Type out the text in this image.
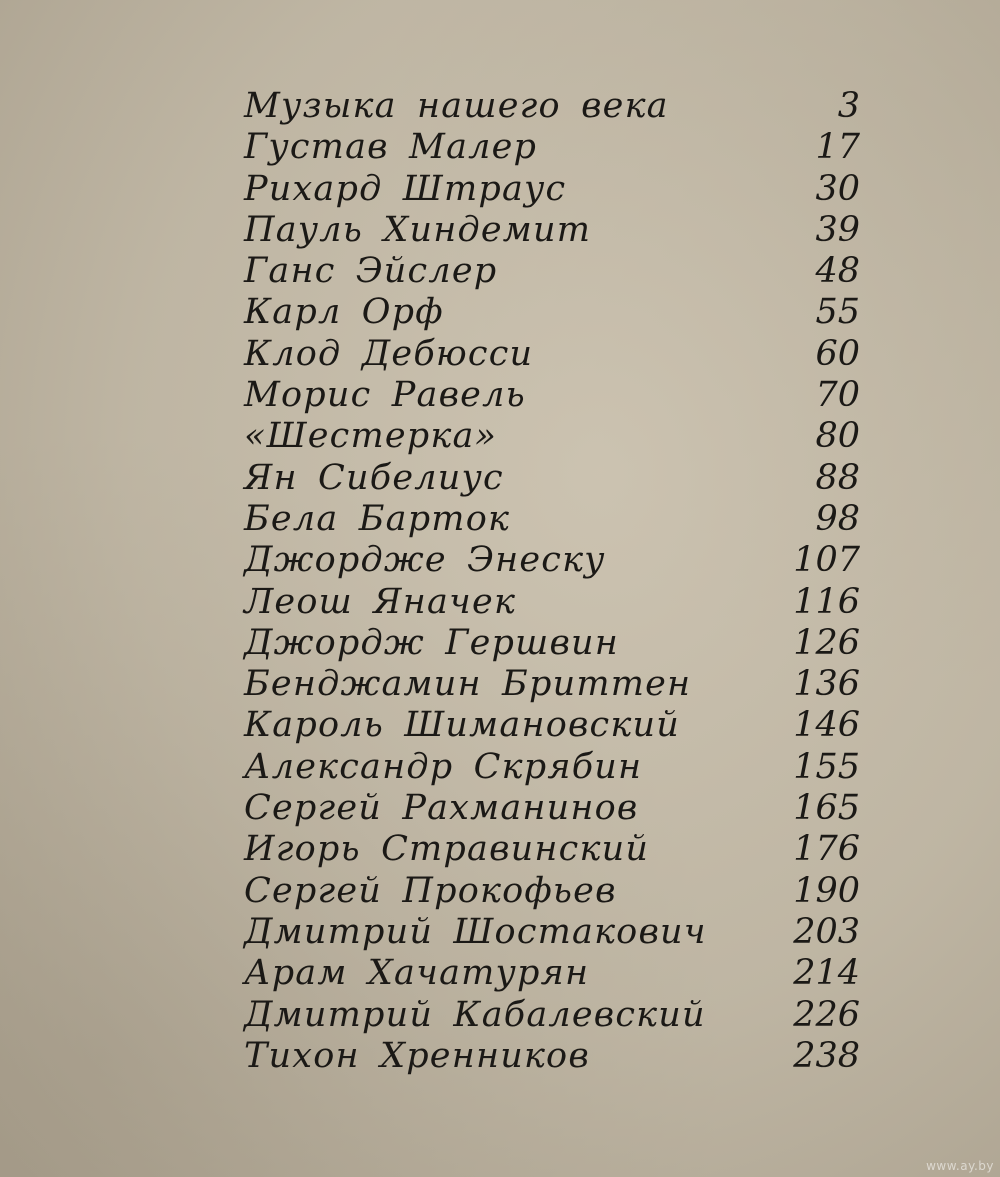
Музыка нашего века	3
Густав Малер	17
Рихард Штраус	30
Пауль Хиндемит	39
Ганс Эйслер	48
Карл Орф	55
Клод Дебюсси	60
Морис Равель	70
«Шестерка»	80
Ян Сибелиус	88
Бела Барток	98
Джордже Энеску	107
Леош Яначек	116
Джордж Гершвин	126
Бенджамин Бриттен	136
Кароль Шимановский	146
Александр Скрябин	155
Сергей Рахманинов	165
Игорь Стравинский	176
Сергей Прокофьев	190
Дмитрий Шостакович	203
Арам Хачатурян	214
Дмитрий Кабалевский	226
Тихон Хренников	238
www.ay.by
